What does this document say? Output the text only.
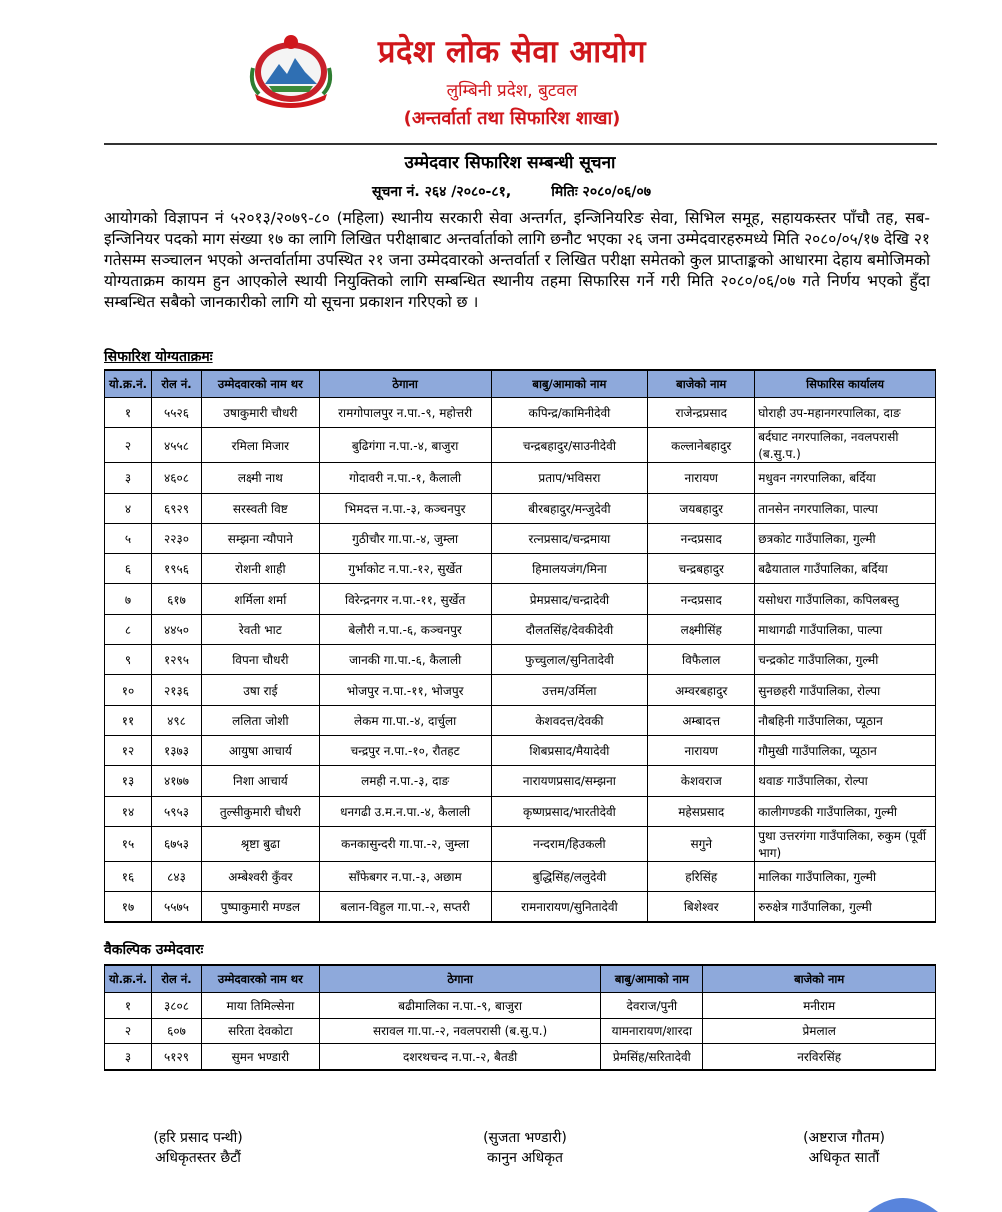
प्रदेश लोक सेवा आयोग
लुम्बिनी प्रदेश, बुटवल
(अन्तर्वार्ता तथा सिफारिश शाखा)
उम्मेदवार सिफारिश सम्बन्धी सूचना
सूचना नं. २६४ /२०८०-८१,	मितिः २०८०/०६/०७
आयोगको विज्ञापन नं ५२०१३/२०७९-८० (महिला) स्थानीय सरकारी सेवा अन्तर्गत, इन्जिनियरिङ सेवा, सिभिल समूह, सहायकस्तर पाँचौ तह, सब-इन्जिनियर पदको माग संख्या १७ का लागि लिखित परीक्षाबाट अन्तर्वार्ताको लागि छनौट भएका २६ जना उम्मेदवारहरुमध्ये मिति २०८०/०५/१७ देखि २१ गतेसम्म सञ्चालन भएको अन्तर्वार्तामा उपस्थित २१ जना उम्मेदवारको अन्तर्वार्ता र लिखित परीक्षा समेतको कुल प्राप्ताङ्कको आधारमा देहाय बमोजिमको योग्यताक्रम कायम हुन आएकोले स्थायी नियुक्तिको लागि सम्बन्धित स्थानीय तहमा सिफारिस गर्ने गरी मिति २०८०/०६/०७ गते निर्णय भएको हुँदा सम्बन्धित सबैको जानकारीको लागि यो सूचना प्रकाशन गरिएको छ ।
सिफारिश योग्यताक्रमः
यो.क्र.नं.	रोल नं.	उम्मेदवारको नाम थर	ठेगाना	बाबु/आमाको नाम	बाजेको नाम	सिफारिस कार्यालय
१	५५२६	उषाकुमारी चौधरी	रामगोपालपुर न.पा.-९, महोत्तरी	कपिन्द्र/कामिनीदेवी	राजेन्द्रप्रसाद	घोराही उप-महानगरपालिका, दाङ
२	४५५८	रमिला मिजार	बुढिगंगा न.पा.-४, बाजुरा	चन्द्रबहादुर/साउनीदेवी	कल्लानेबहादुर	बर्दघाट नगरपालिका, नवलपरासी (ब.सु.प.)
३	४६०८	लक्ष्मी नाथ	गोदावरी न.पा.-१, कैलाली	प्रताप/भविसरा	नारायण	मधुवन नगरपालिका, बर्दिया
४	६९२९	सरस्वती विष्ट	भिमदत्त न.पा.-३, कञ्चनपुर	बीरबहादुर/मन्जुदेवी	जयबहादुर	तानसेन नगरपालिका, पाल्पा
५	२२३०	सम्झना न्यौपाने	गुठीचौर गा.पा.-४, जुम्ला	रत्नप्रसाद/चन्द्रमाया	नन्दप्रसाद	छत्रकोट गाउँपालिका, गुल्मी
६	१९५६	रोशनी शाही	गुर्भाकोट न.पा.-१२, सुर्खेत	हिमालयजंग/मिना	चन्द्रबहादुर	बढैयाताल गाउँपालिका, बर्दिया
७	६१७	शर्मिला शर्मा	विरेन्द्रनगर न.पा.-११, सुर्खेत	प्रेमप्रसाद/चन्द्रादेवी	नन्दप्रसाद	यसोधरा गाउँपालिका, कपिलबस्तु
८	४४५०	रेवती भाट	बेलौरी न.पा.-६, कञ्चनपुर	दौलतसिंह/देवकीदेवी	लक्ष्मीसिंह	माथागढी गाउँपालिका, पाल्पा
९	१२९५	विपना चौधरी	जानकी गा.पा.-६, कैलाली	फुच्चुलाल/सुनितादेवी	विफैलाल	चन्द्रकोट गाउँपालिका, गुल्मी
१०	२१३६	उषा राई	भोजपुर न.पा.-११, भोजपुर	उत्तम/उर्मिला	अम्वरबहादुर	सुनछहरी गाउँपालिका, रोल्पा
११	४९८	ललिता जोशी	लेकम गा.पा.-४, दार्चुला	केशवदत्त/देवकी	अम्बादत्त	नौबहिनी गाउँपालिका, प्यूठान
१२	१३७३	आयुषा आचार्य	चन्द्रपुर न.पा.-१०, रौतहट	शिबप्रसाद/मैयादेवी	नारायण	गौमुखी गाउँपालिका, प्यूठान
१३	४१७७	निशा आचार्य	लमही न.पा.-३, दाङ	नारायणप्रसाद/सम्झना	केशवराज	थवाङ गाउँपालिका, रोल्पा
१४	५९५३	तुल्सीकुमारी चौधरी	धनगढी उ.म.न.पा.-४, कैलाली	कृष्णप्रसाद/भारतीदेवी	महेसप्रसाद	कालीगण्डकी गाउँपालिका, गुल्मी
१५	६७५३	श्रृष्टा बुढा	कनकासुन्दरी गा.पा.-२, जुम्ला	नन्दराम/हिउकली	सगुने	पुथा उत्तरगंगा गाउँपालिका, रुकुम (पूर्वी भाग)
१६	८४३	अम्बेश्वरी कुँवर	साँफेबगर न.पा.-३, अछाम	बुद्धिसिंह/ललुदेवी	हरिसिंह	मालिका गाउँपालिका, गुल्मी
१७	५५७५	पुष्पाकुमारी मण्डल	बलान-विहुल गा.पा.-२, सप्तरी	रामनारायण/सुनितादेवी	बिशेश्वर	रुरुक्षेत्र गाउँपालिका, गुल्मी
वैकल्पिक उम्मेदवारः
यो.क्र.नं.	रोल नं.	उम्मेदवारको नाम थर	ठेगाना	बाबु/आमाको नाम	बाजेको नाम
१	३८०८	माया तिमिल्सेना	बढीमालिका न.पा.-९, बाजुरा	देवराज/पुनी	मनीराम
२	६०७	सरिता देवकोटा	सरावल गा.पा.-२, नवलपरासी (ब.सु.प.)	यामनारायण/शारदा	प्रेमलाल
३	५१२९	सुमन भण्डारी	दशरथचन्द न.पा.-२, बैतडी	प्रेमसिंह/सरितादेवी	नरविरसिंह
(हरि प्रसाद पन्थी)
अधिकृतस्तर छैटौं
(सुजता भण्डारी)
कानुन अधिकृत
(अष्टराज गौतम)
अधिकृत सातौं
